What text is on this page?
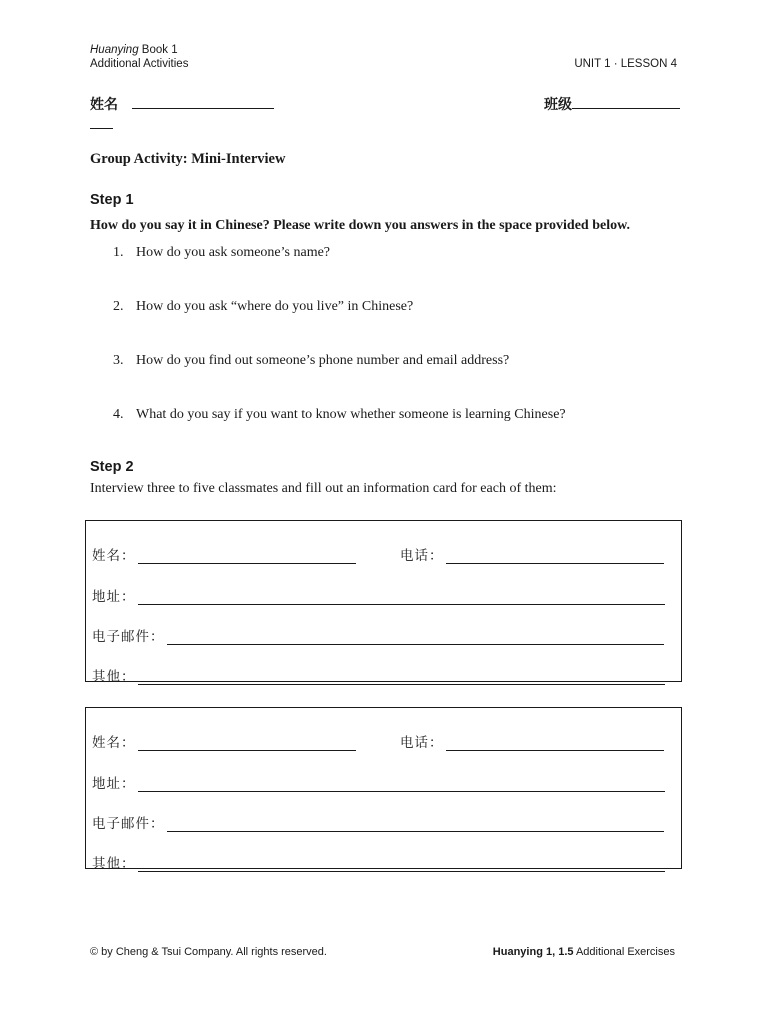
Huanying Book 1
Additional Activities	UNIT 1 · LESSON 4
姓名	班级
Group Activity: Mini-Interview
Step 1
How do you say it in Chinese? Please write down you answers in the space provided below.
1. How do you ask someone’s name?
2. How do you ask “where do you live” in Chinese?
3. How do you find out someone’s phone number and email address?
4. What do you say if you want to know whether someone is learning Chinese?
Step 2
Interview three to five classmates and fill out an information card for each of them:
姓名：	电话：
地址：
电子邮件：
其他：
姓名：	电话：
地址：
电子邮件：
其他：
© by Cheng & Tsui Company. All rights reserved.	Huanying 1, 1.5 Additional Exercises
